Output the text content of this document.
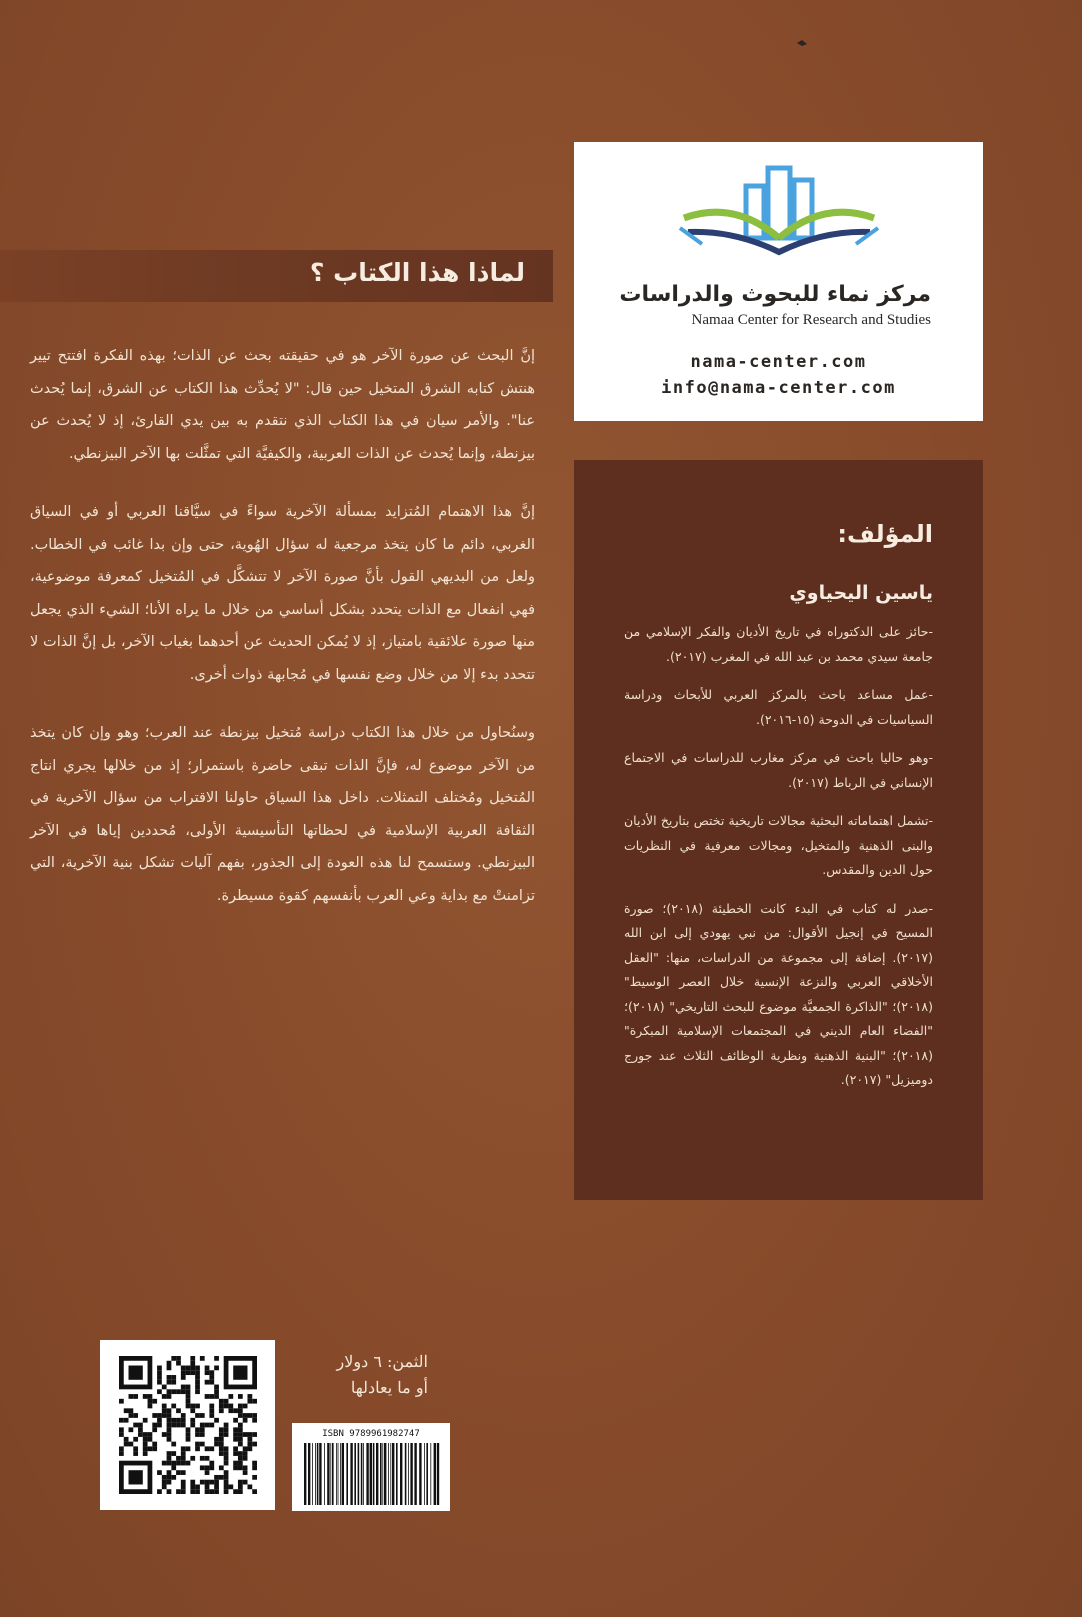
مركز نماء للبحوث والدراسات
Namaa Center for Research and Studies
nama-center.com
info@nama-center.com
لماذا هذا الكتاب ؟

إنَّ البحث عن صورة الآخر هو في حقيقته بحث عن الذات؛ بهذه الفكرة افتتح تيير هنتش كتابه الشرق المتخيل حين قال: "لا يُحدِّث هذا الكتاب عن الشرق، إنما يُحدث عنا". والأمر سيان في هذا الكتاب الذي نتقدم به بين يدي القارئ، إذ لا يُحدث عن بيزنطة، وإنما يُحدث عن الذات العربية، والكيفيَّة التي تمثَّلت بها الآخر البيزنطي.

إنَّ هذا الاهتمام المُتزايد بمسألة الآخرية سواءً في سيَّاقنا العربي أو في السياق الغربي، دائم ما كان يتخذ مرجعية له سؤال الهُوية، حتى وإن بدا غائب في الخطاب. ولعل من البديهي القول بأنَّ صورة الآخر لا تتشكَّل في المُتخيل كمعرفة موضوعية، فهي انفعال مع الذات يتحدد بشكل أساسي من خلال ما يراه الأنا؛ الشيء الذي يجعل منها صورة علائقية بامتياز، إذ لا يُمكن الحديث عن أحدهما بغياب الآخر، بل إنَّ الذات لا تتحدد بدء إلا من خلال وضع نفسها في مُجابهة ذوات أخرى.

وسنُحاول من خلال هذا الكتاب دراسة مُتخيل بيزنطة عند العرب؛ وهو وإن كان يتخذ من الآخر موضوع له، فإنَّ الذات تبقى حاضرة باستمرار؛ إذ من خلالها يجري انتاج المُتخيل ومُختلف التمثلات. داخل هذا السياق حاولنا الاقتراب من سؤال الآخرية في الثقافة العربية الإسلامية في لحظاتها التأسيسية الأولى، مُحددين إياها في الآخر البيزنطي. وستسمح لنا هذه العودة إلى الجذور، بفهم آليات تشكل بنية الآخرية، التي تزامنتْ مع بداية وعي العرب بأنفسهم كقوة مسيطرة.

المؤلف:
ياسين اليحياوي

-حائز على الدكتوراه في تاريخ الأديان والفكر الإسلامي من جامعة سيدي محمد بن عبد الله في المغرب (٢٠١٧).

-عمل مساعد باحث بالمركز العربي للأبحاث ودراسة السياسيات في الدوحة (١٥-٢٠١٦).

-وهو حاليا باحث في مركز مغارب للدراسات في الاجتماع الإنساني في الرباط (٢٠١٧).

-تشمل اهتماماته البحثية مجالات تاريخية تختص بتاريخ الأديان والبنى الذهنية والمتخيل، ومجالات معرفية في النظريات حول الدين والمقدس.

-صدر له كتاب في البدء كانت الخطيئة (٢٠١٨)؛ صورة المسيح في إنجيل الأقوال: من نبي يهودي إلى ابن الله (٢٠١٧). إضافة إلى مجموعة من الدراسات، منها: "العقل الأخلاقي العربي والنزعة الإنسية خلال العصر الوسيط" (٢٠١٨)؛ "الذاكرة الجمعيَّة موضوع للبحث التاريخي" (٢٠١٨)؛ "الفضاء العام الديني في المجتمعات الإسلامية المبكرة" (٢٠١٨)؛ "البنية الذهنية ونظرية الوظائف الثلاث عند جورج دوميزيل" (٢٠١٧).

الثمن: ٦ دولار
أو ما يعادلها
ISBN 9789961982747
